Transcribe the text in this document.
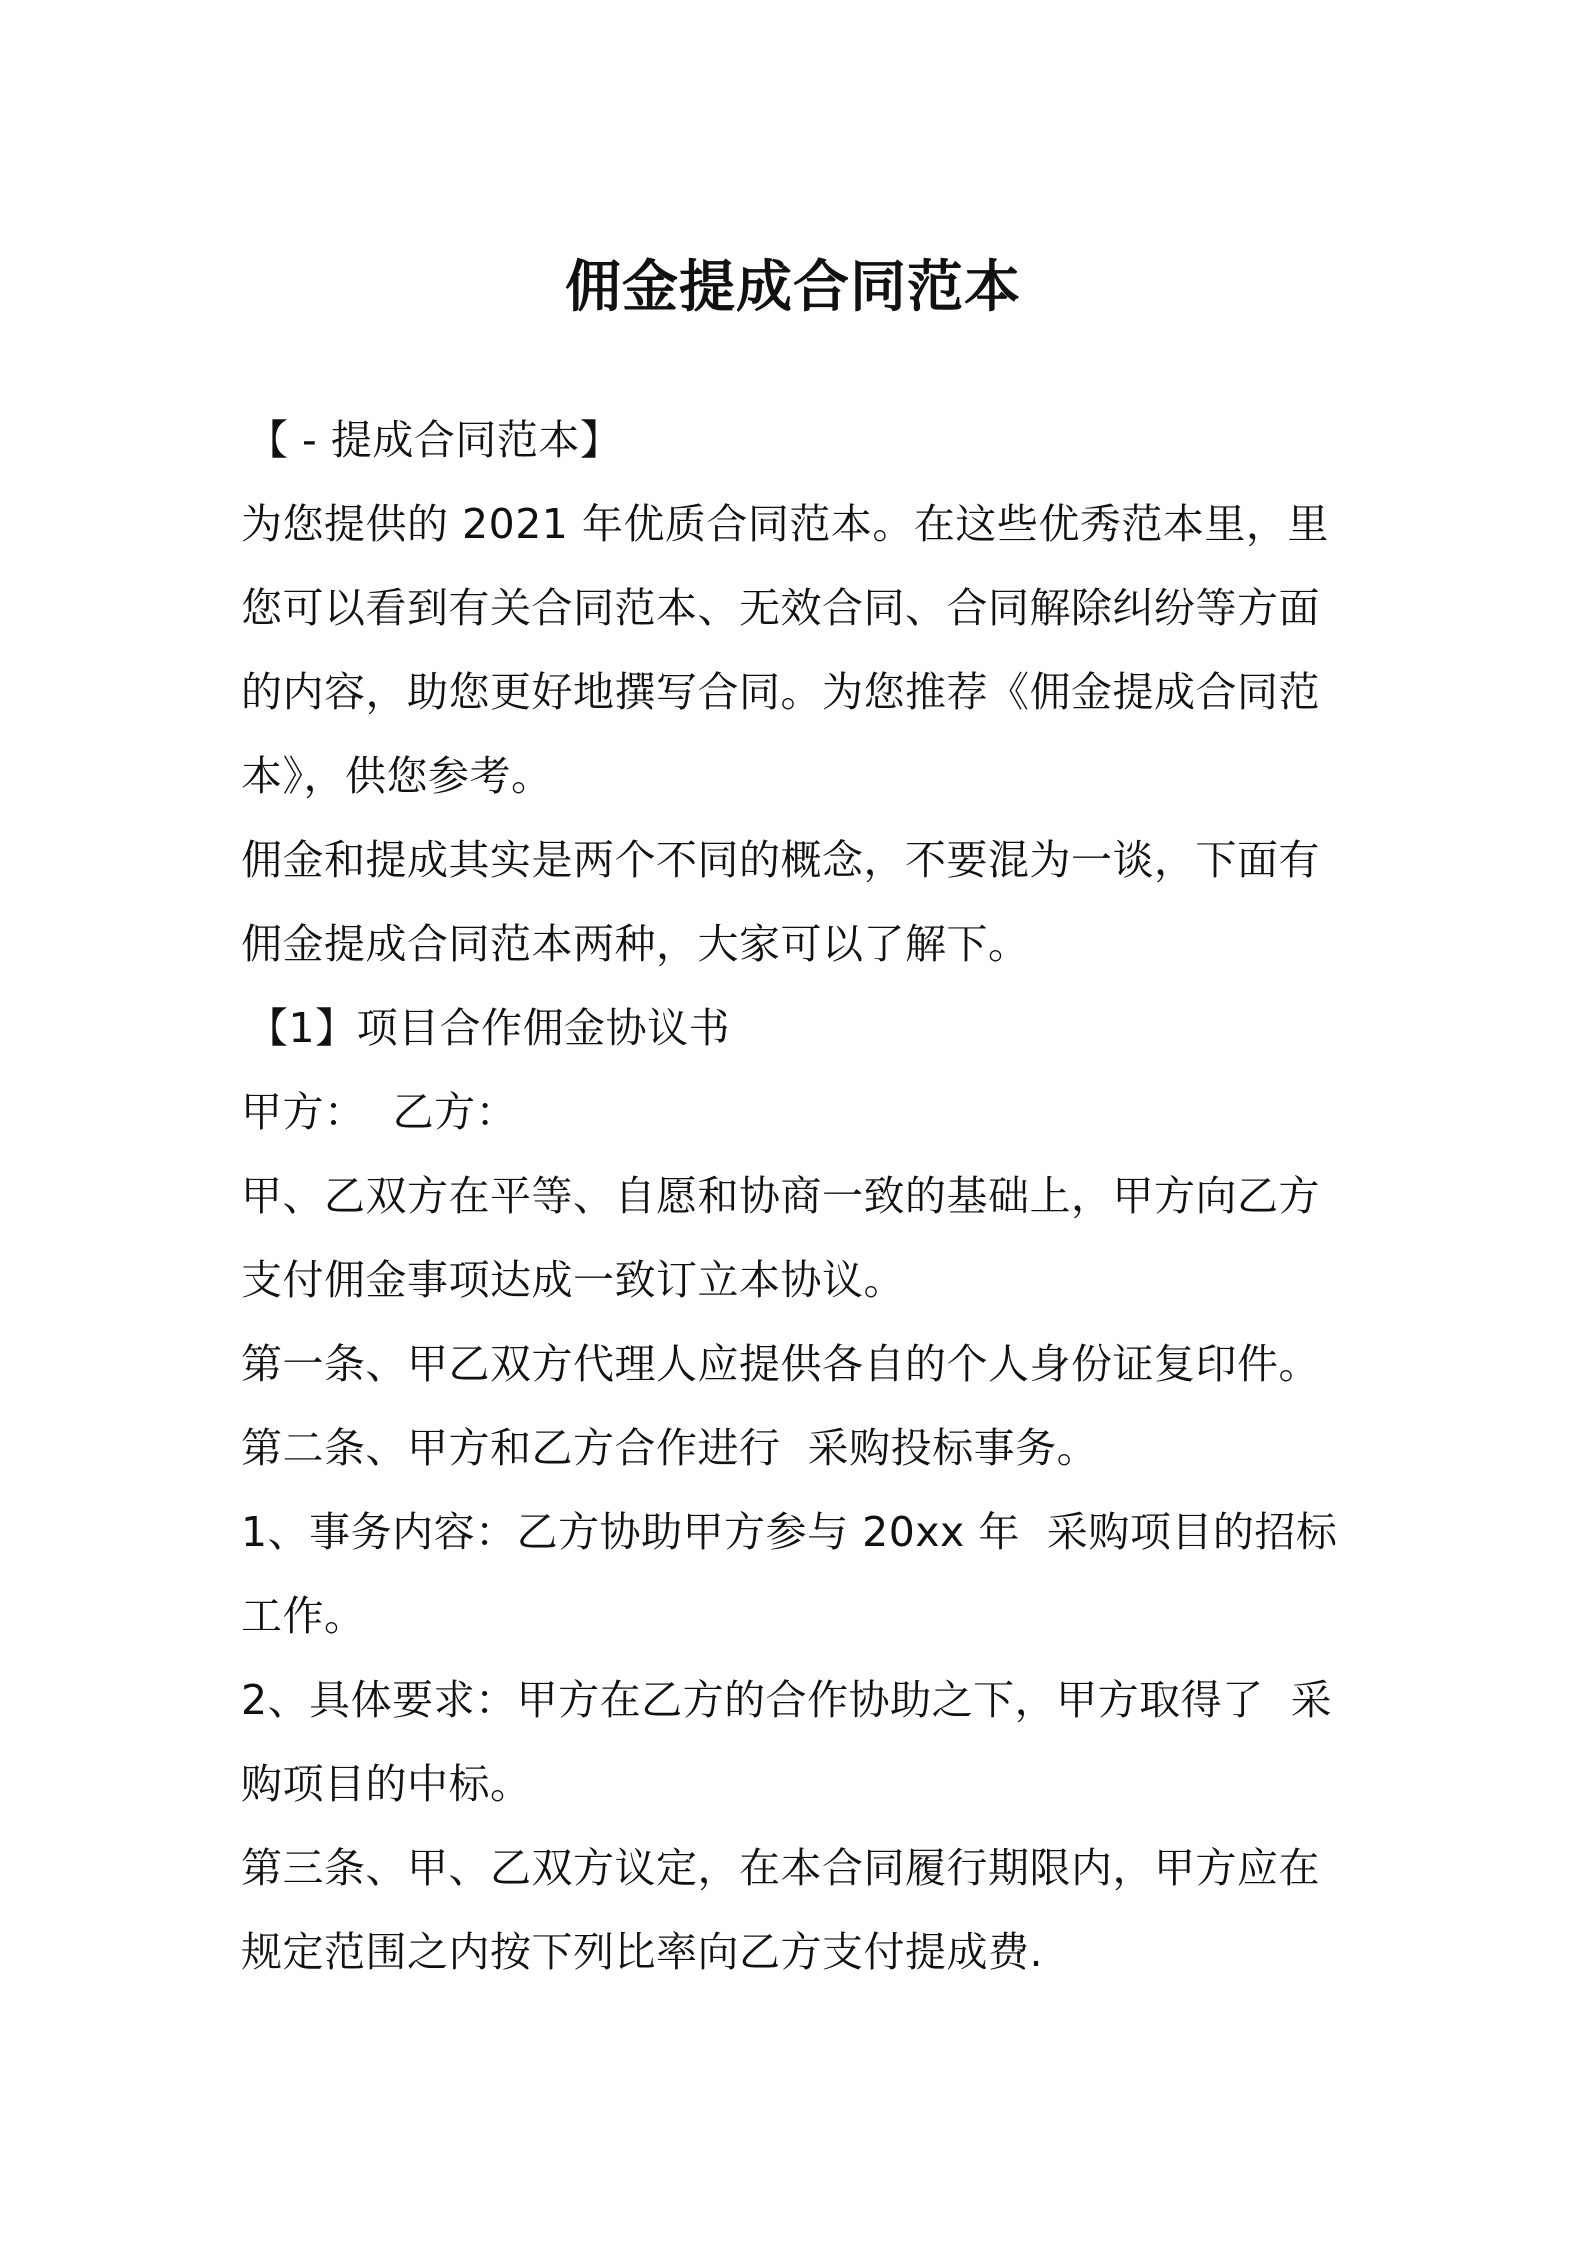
佣金提成合同范本

【 - 提成合同范本】

为您提供的 2021 年优质合同范本。在这些优秀范本里，里您可以看到有关合同范本、无效合同、合同解除纠纷等方面的内容，助您更好地撰写合同。为您推荐《佣金提成合同范本》，供您参考。

佣金和提成其实是两个不同的概念，不要混为一谈，下面有佣金提成合同范本两种，大家可以了解下。

【1】项目合作佣金协议书

甲方：  乙方：

甲、乙双方在平等、自愿和协商一致的基础上，甲方向乙方支付佣金事项达成一致订立本协议。

第一条、甲乙双方代理人应提供各自的个人身份证复印件。

第二条、甲方和乙方合作进行  采购投标事务。

1、事务内容：乙方协助甲方参与 20xx 年  采购项目的招标工作。

2、具体要求：甲方在乙方的合作协助之下，甲方取得了  采购项目的中标。

第三条、甲、乙双方议定，在本合同履行期限内，甲方应在规定范围之内按下列比率向乙方支付提成费.
